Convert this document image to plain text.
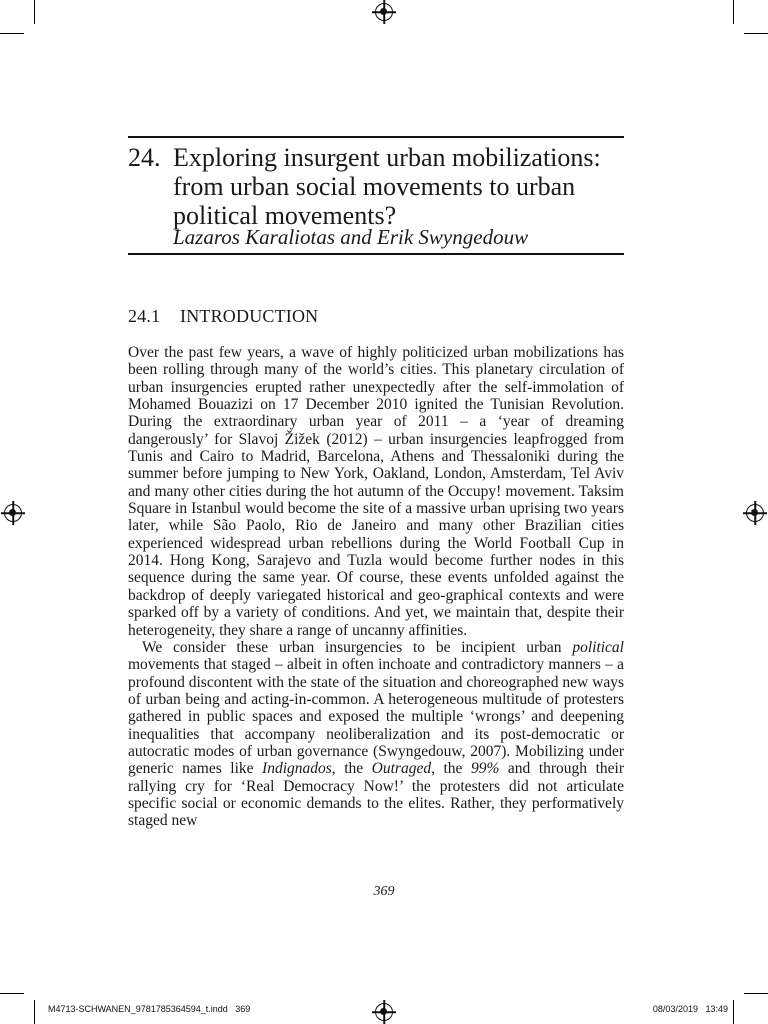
24. Exploring insurgent urban mobilizations: from urban social movements to urban political movements?
Lazaros Karaliotas and Erik Swyngedouw
24.1 INTRODUCTION

Over the past few years, a wave of highly politicized urban mobilizations has been rolling through many of the world’s cities. This planetary circulation of urban insurgencies erupted rather unexpectedly after the self-immolation of Mohamed Bouazizi on 17 December 2010 ignited the Tunisian Revolution. During the extraordinary urban year of 2011 – a ‘year of dreaming dangerously’ for Slavoj Žižek (2012) – urban insurgencies leapfrogged from Tunis and Cairo to Madrid, Barcelona, Athens and Thessaloniki during the summer before jumping to New York, Oakland, London, Amsterdam, Tel Aviv and many other cities during the hot autumn of the Occupy! movement. Taksim Square in Istanbul would become the site of a massive urban uprising two years later, while São Paolo, Rio de Janeiro and many other Brazilian cities experienced widespread urban rebellions during the World Football Cup in 2014. Hong Kong, Sarajevo and Tuzla would become further nodes in this sequence during the same year. Of course, these events unfolded against the backdrop of deeply variegated historical and geo-graphical contexts and were sparked off by a variety of conditions. And yet, we maintain that, despite their heterogeneity, they share a range of uncanny affinities.

We consider these urban insurgencies to be incipient urban political movements that staged – albeit in often inchoate and contradictory manners – a profound discontent with the state of the situation and choreographed new ways of urban being and acting-in-common. A heterogeneous multitude of protesters gathered in public spaces and exposed the multiple ‘wrongs’ and deepening inequalities that accompany neoliberalization and its post-democratic or autocratic modes of urban governance (Swyngedouw, 2007). Mobilizing under generic names like Indignados, the Outraged, the 99% and through their rallying cry for ‘Real Democracy Now!’ the protesters did not articulate specific social or economic demands to the elites. Rather, they performatively staged new

369
M4713-SCHWANEN_9781785364594_t.indd   369	08/03/2019   13:49
